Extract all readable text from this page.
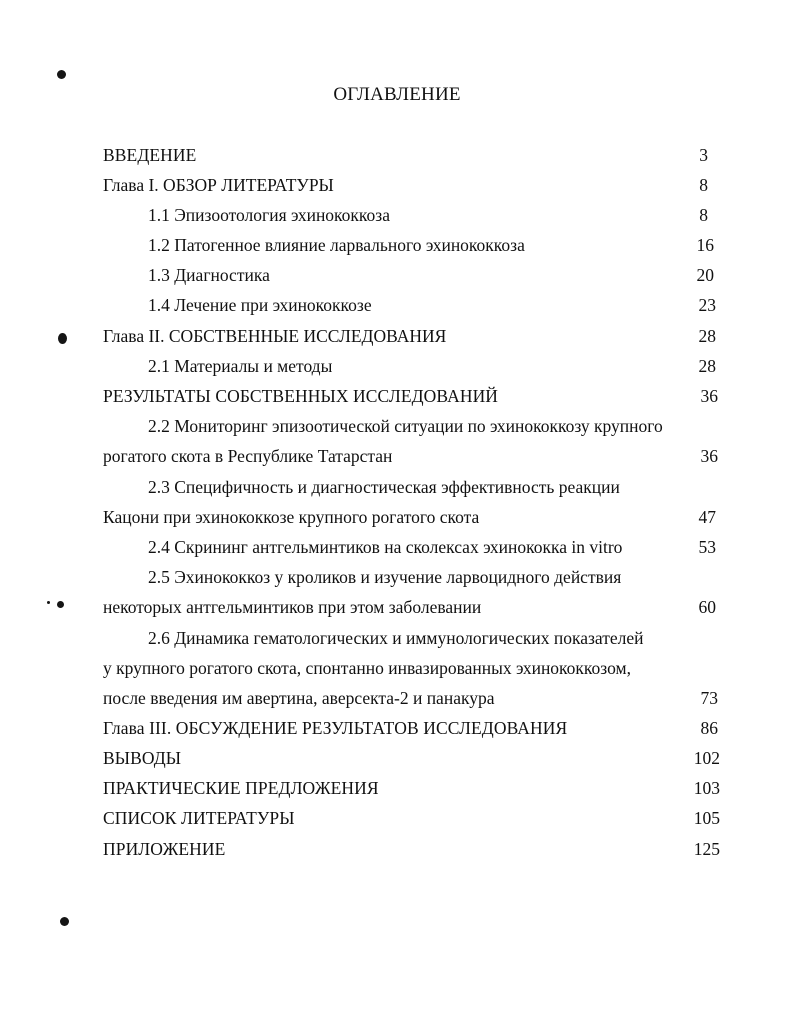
ОГЛАВЛЕНИЕ
ВВЕДЕНИЕ	3
Глава I. ОБЗОР ЛИТЕРАТУРЫ	8
1.1 Эпизоотология эхинококкоза	8
1.2 Патогенное влияние ларвального эхинококкоза	16
1.3 Диагностика	20
1.4 Лечение при эхинококкозе	23
Глава II. СОБСТВЕННЫЕ ИССЛЕДОВАНИЯ	28
2.1 Материалы и методы	28
РЕЗУЛЬТАТЫ СОБСТВЕННЫХ ИССЛЕДОВАНИЙ	36
2.2 Мониторинг эпизоотической ситуации по эхинококкозу крупного
рогатого скота в Республике Татарстан	36
2.3 Специфичность и диагностическая эффективность реакции
Кацони при эхинококкозе крупного рогатого скота	47
2.4 Скрининг антгельминтиков на сколексах эхинококка in vitro	53
2.5 Эхинококкоз у кроликов и изучение ларвоцидного действия
некоторых антгельминтиков при этом заболевании	60
2.6 Динамика гематологических и иммунологических показателей
у крупного рогатого скота, спонтанно инвазированных эхинококкозом,
после введения им авертина, аверсекта-2 и панакура	73
Глава III. ОБСУЖДЕНИЕ РЕЗУЛЬТАТОВ ИССЛЕДОВАНИЯ	86
ВЫВОДЫ	102
ПРАКТИЧЕСКИЕ ПРЕДЛОЖЕНИЯ	103
СПИСОК ЛИТЕРАТУРЫ	105
ПРИЛОЖЕНИЕ	125
